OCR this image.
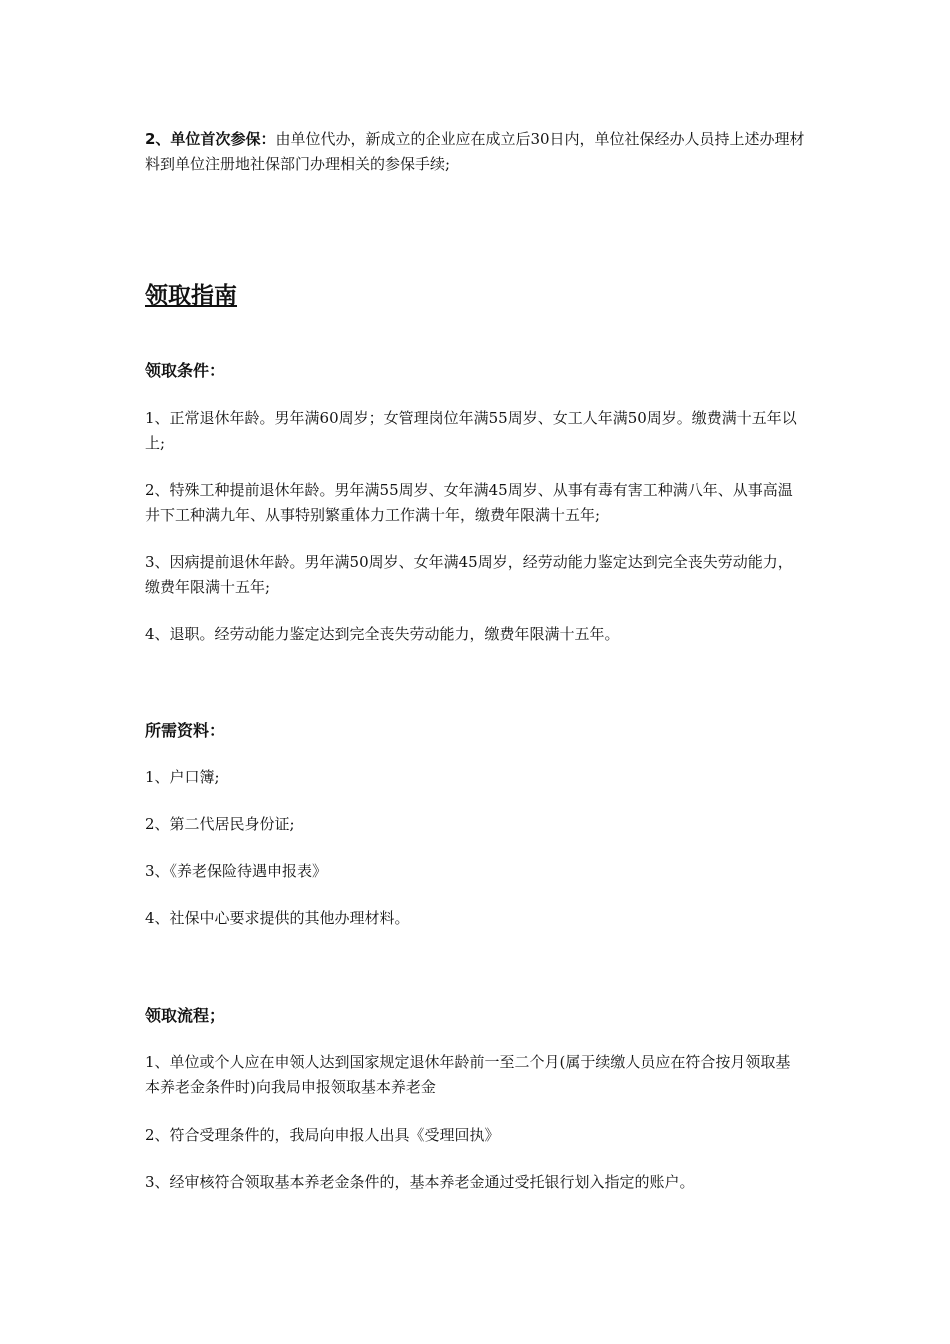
2、单位首次参保：由单位代办，新成立的企业应在成立后30日内，单位社保经办人员持上述办理材料到单位注册地社保部门办理相关的参保手续;

领取指南
领取条件：

1、正常退休年龄。男年满60周岁；女管理岗位年满55周岁、女工人年满50周岁。缴费满十五年以上;

2、特殊工种提前退休年龄。男年满55周岁、女年满45周岁、从事有毒有害工种满八年、从事高温井下工种满九年、从事特别繁重体力工作满十年，缴费年限满十五年;

3、因病提前退休年龄。男年满50周岁、女年满45周岁，经劳动能力鉴定达到完全丧失劳动能力，缴费年限满十五年;

4、退职。经劳动能力鉴定达到完全丧失劳动能力，缴费年限满十五年。

所需资料：

1、户口簿;

2、第二代居民身份证;

3、《养老保险待遇申报表》

4、社保中心要求提供的其他办理材料。

领取流程；

1、单位或个人应在申领人达到国家规定退休年龄前一至二个月(属于续缴人员应在符合按月领取基本养老金条件时)向我局申报领取基本养老金

2、符合受理条件的，我局向申报人出具《受理回执》

3、经审核符合领取基本养老金条件的，基本养老金通过受托银行划入指定的账户。
